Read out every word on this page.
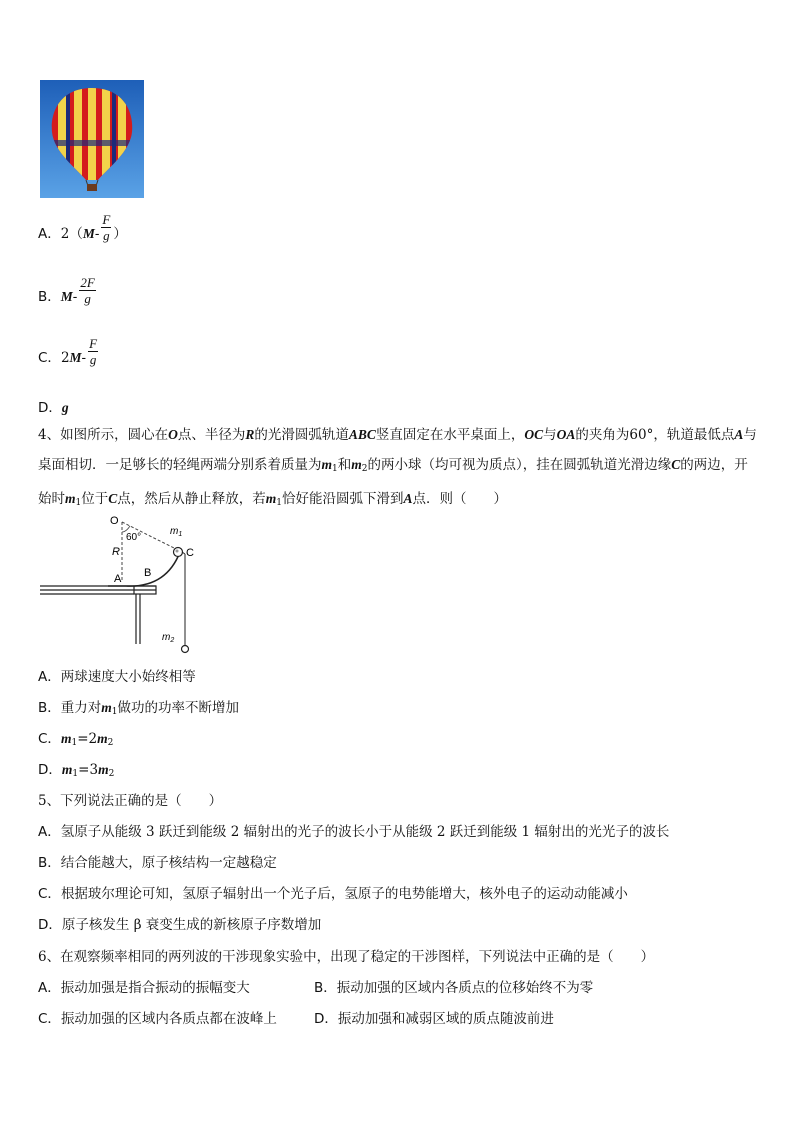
A．$2(M- \frac{F}{g}$ ）
B．$M- \frac{2F}{g}$
C．$2M- \frac{F}{g}$
D．g
4、如图所示，圆心在O点、半径为R的光滑圆弧轨道ABC竖直固定在水平桌面上，OC与OA的夹角为60°，轨道最低点A与桌面相切．一足够长的轻绳两端分别系着质量为$m_1$和$m_2$的两小球（均可视为质点），挂在圆弧轨道光滑边缘C的两边，开始时$m_1$位于C点，然后从静止释放，若$m_1$恰好能沿圆弧下滑到A点．则（　　）
O
60°
R
A B
C
$m_1$
$m_2$
A．两球速度大小始终相等
B．重力对$m_1$做功的功率不断增加
C．$m_1=2m_2$
D．$m_1=3m_2$
5、下列说法正确的是（　　）
A．氢原子从能级 3 跃迁到能级 2 辐射出的光子的波长小于从能级 2 跃迁到能级 1 辐射出的光光子的波长
B．结合能越大，原子核结构一定越稳定
C．根据玻尔理论可知，氢原子辐射出一个光子后，氢原子的电势能增大，核外电子的运动动能减小
D．原子核发生 β 衰变生成的新核原子序数增加
6、在观察频率相同的两列波的干涉现象实验中，出现了稳定的干涉图样，下列说法中正确的是（　　）
A．振动加强是指合振动的振幅变大	B．振动加强的区域内各质点的位移始终不为零
C．振动加强的区域内各质点都在波峰上	D．振动加强和减弱区域的质点随波前进
